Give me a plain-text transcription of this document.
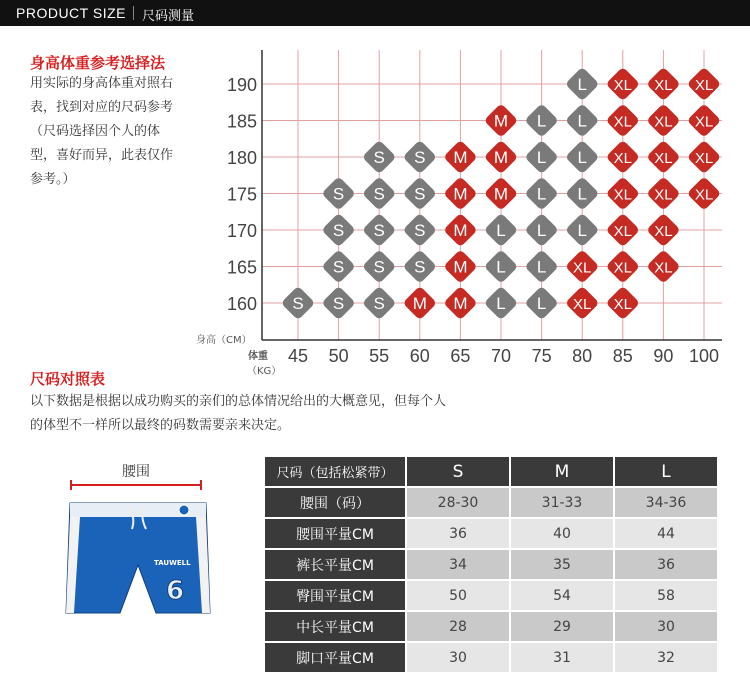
PRODUCT SIZE 尺码测量
身高体重参考选择法
用实际的身高体重对照右
表，找到对应的尺码参考
（尺码选择因个人的体
型，喜好而异，此表仅作
参考。）
190
185
180
175
170
165
160
45 50 55 60 65 70 75 80 85 90 100
身高（CM）
体重
（KG）
L XL XL XL
M L L XL XL XL
S S M M L L XL XL XL
S S S M M L L XL XL XL
S S S M L L L XL XL
S S S M L L XL XL XL
S S S M M L L XL XL
尺码对照表
以下数据是根据以成功购买的亲们的总体情况给出的大概意见，但每个人
的体型不一样所以最终的码数需要亲来决定。
腰围
TAUWELL
6
尺码（包括松紧带）	S	M	L
腰围（码）	28-30	31-33	34-36
腰围平量CM	36	40	44
裤长平量CM	34	35	36
臀围平量CM	50	54	58
中长平量CM	28	29	30
脚口平量CM	30	31	32
